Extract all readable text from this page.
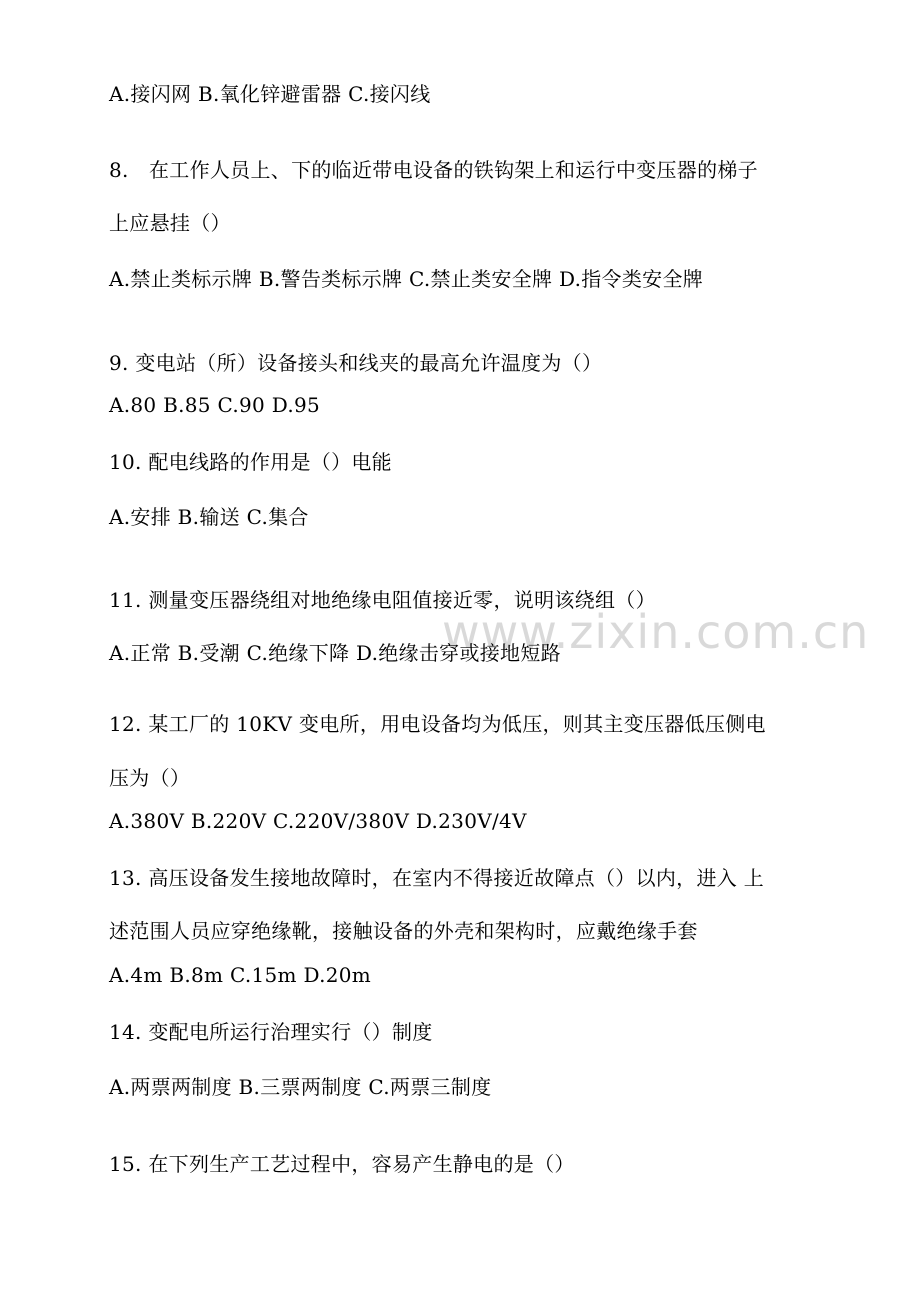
www.zixin.com.cn
A.接闪网 B.氧化锌避雷器 C.接闪线
8.　在工作人员上、下的临近带电设备的铁钩架上和运行中变压器的梯子
上应悬挂（）
A.禁止类标示牌 B.警告类标示牌 C.禁止类安全牌 D.指令类安全牌
9. 变电站（所）设备接头和线夹的最高允许温度为（）
A.80 B.85 C.90 D.95
10. 配电线路的作用是（）电能
A.安排 B.输送 C.集合
11. 测量变压器绕组对地绝缘电阻值接近零，说明该绕组（）
A.正常 B.受潮 C.绝缘下降 D.绝缘击穿或接地短路
12. 某工厂的 10KV 变电所，用电设备均为低压，则其主变压器低压侧电
压为（）
A.380V B.220V C.220V/380V D.230V/4V
13. 高压设备发生接地故障时，在室内不得接近故障点（）以内，进入 上
述范围人员应穿绝缘靴，接触设备的外壳和架构时，应戴绝缘手套
A.4m B.8m C.15m D.20m
14. 变配电所运行治理实行（）制度
A.两票两制度 B.三票两制度 C.两票三制度
15. 在下列生产工艺过程中，容易产生静电的是（）
